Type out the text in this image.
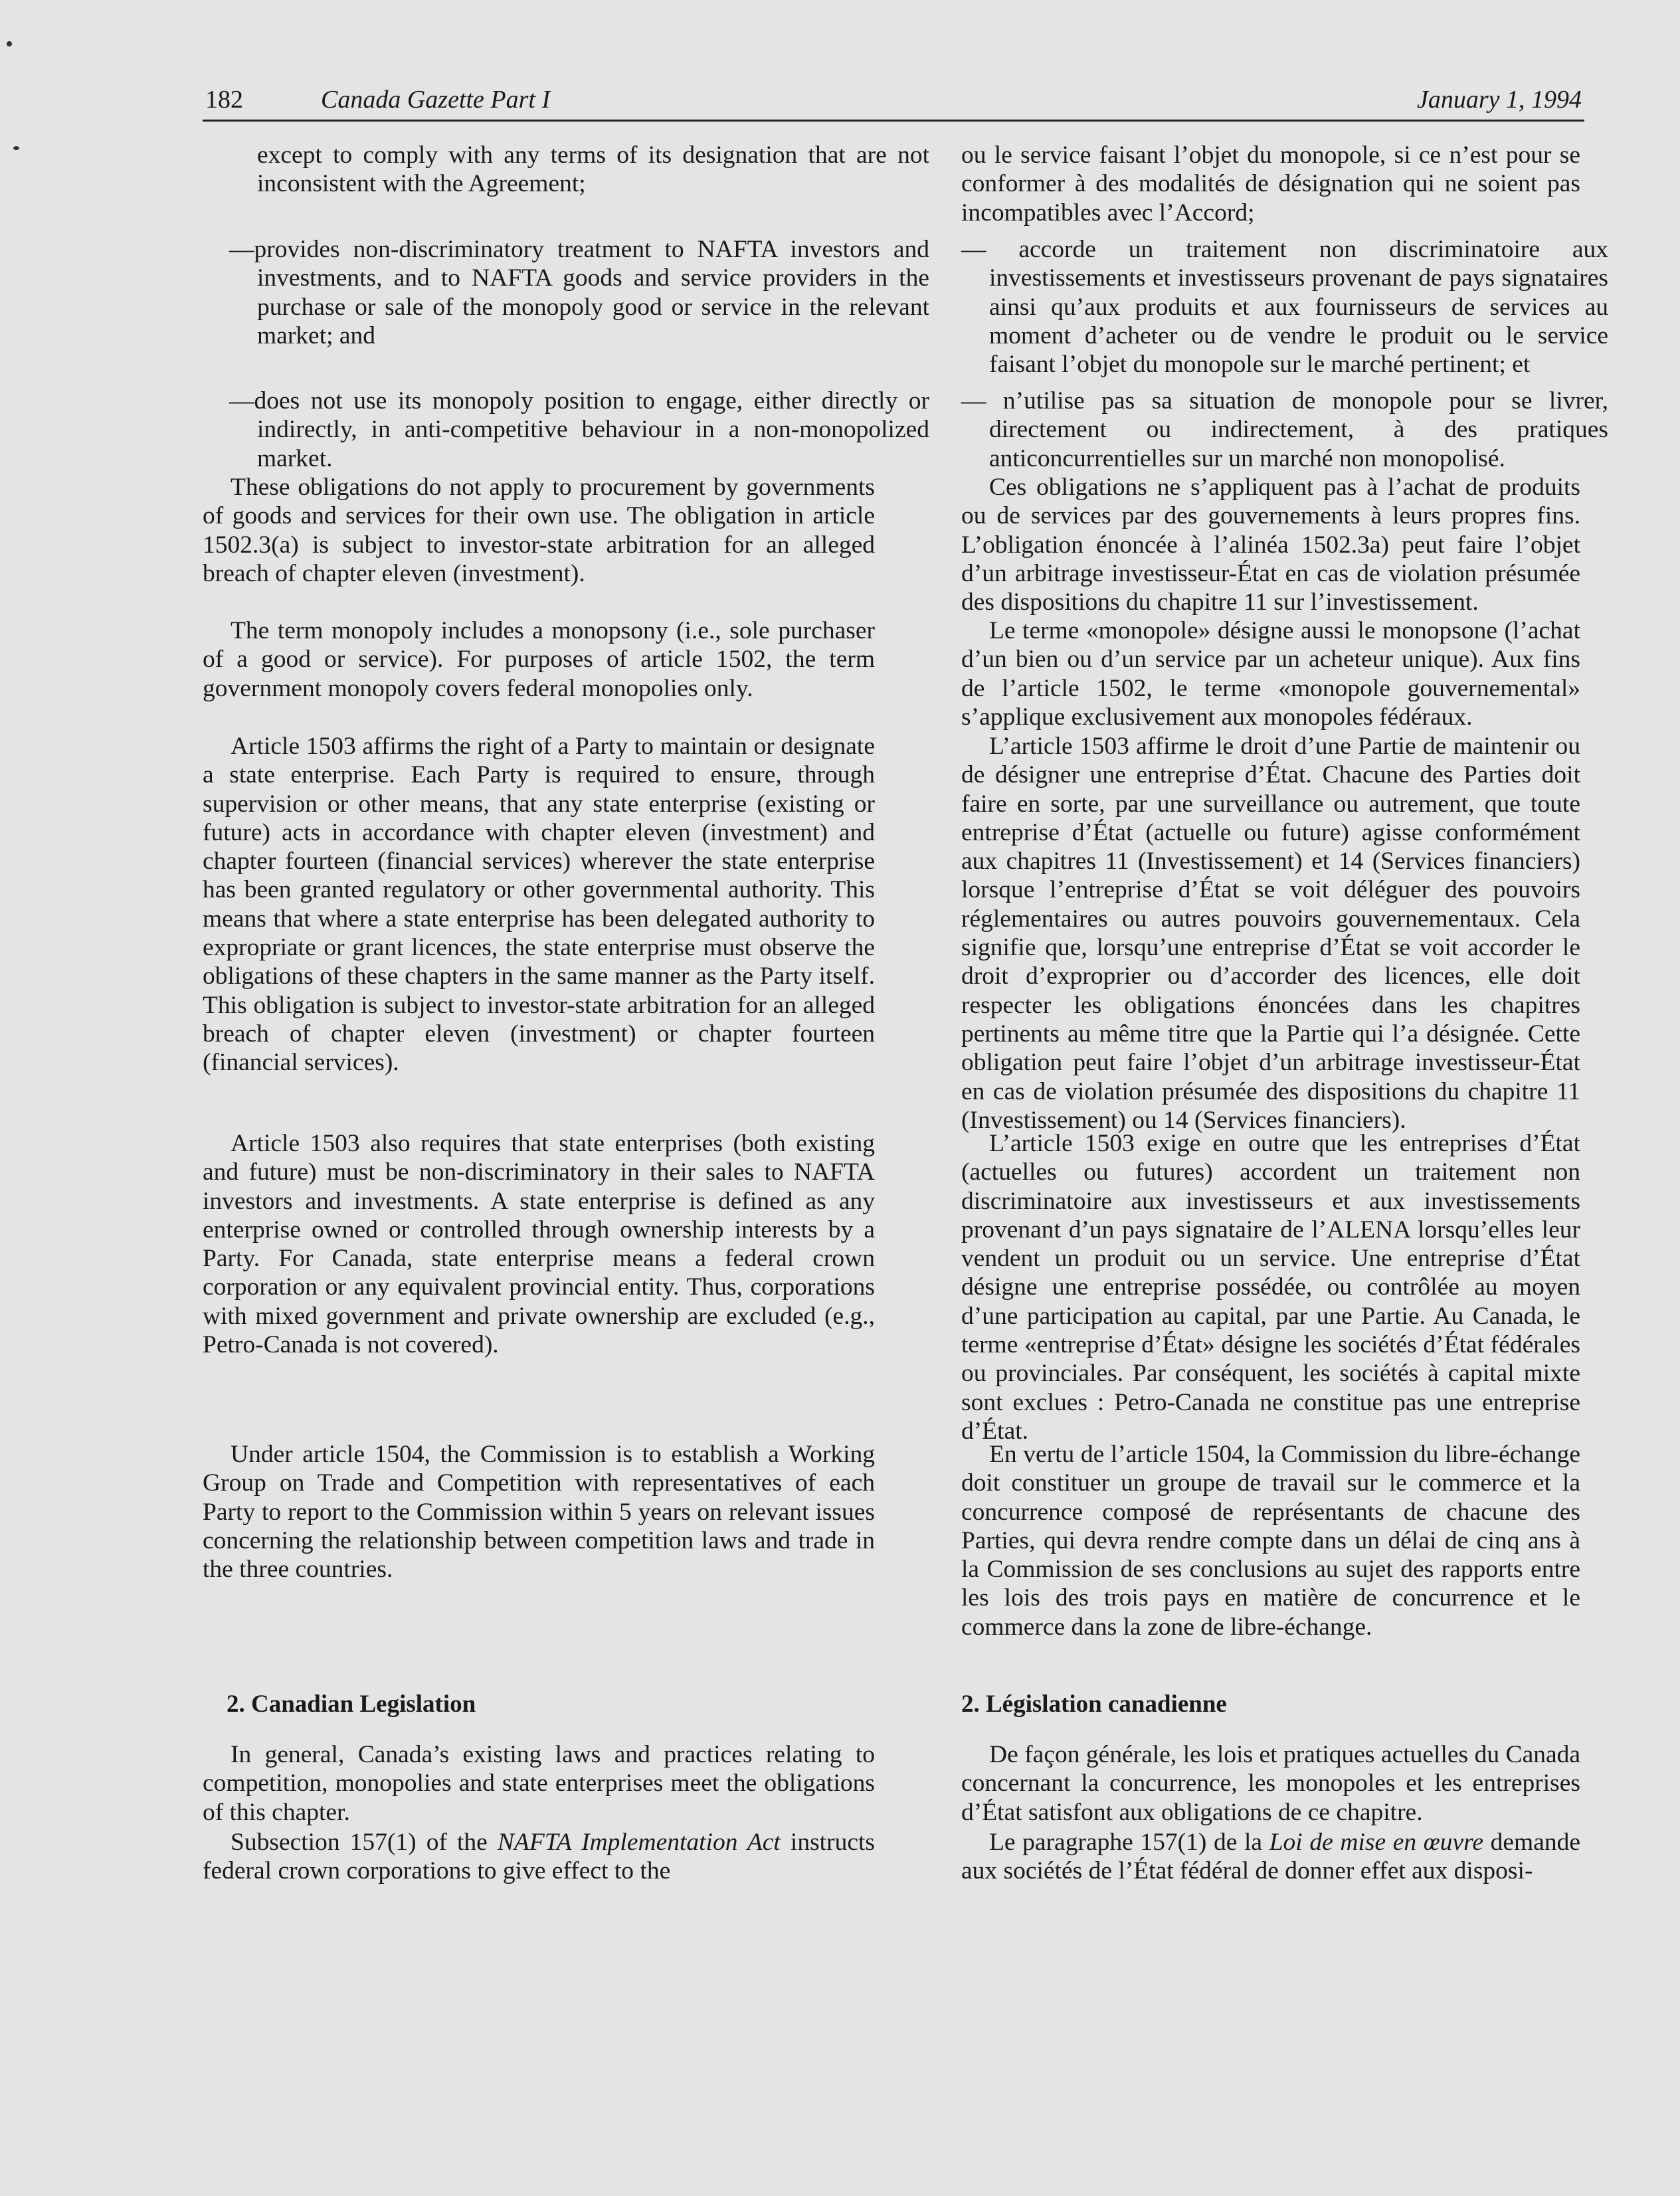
182	Canada Gazette Part I	January 1, 1994

except to comply with any terms of its designation that are not inconsistent with the Agreement;

—provides non-discriminatory treatment to NAFTA investors and investments, and to NAFTA goods and service providers in the purchase or sale of the monopoly good or service in the relevant market; and

—does not use its monopoly position to engage, either directly or indirectly, in anti-competitive behaviour in a non-monopolized market.

These obligations do not apply to procurement by governments of goods and services for their own use. The obligation in article 1502.3(a) is subject to investor-state arbitration for an alleged breach of chapter eleven (investment).

The term monopoly includes a monopsony (i.e., sole purchaser of a good or service). For purposes of article 1502, the term government monopoly covers federal monopolies only.

Article 1503 affirms the right of a Party to maintain or designate a state enterprise. Each Party is required to ensure, through supervision or other means, that any state enterprise (existing or future) acts in accordance with chapter eleven (investment) and chapter fourteen (financial services) wherever the state enterprise has been granted regulatory or other governmental authority. This means that where a state enterprise has been delegated authority to expropriate or grant licences, the state enterprise must observe the obligations of these chapters in the same manner as the Party itself. This obligation is subject to investor-state arbitration for an alleged breach of chapter eleven (investment) or chapter fourteen (financial services).

Article 1503 also requires that state enterprises (both existing and future) must be non-discriminatory in their sales to NAFTA investors and investments. A state enterprise is defined as any enterprise owned or controlled through ownership interests by a Party. For Canada, state enterprise means a federal crown corporation or any equivalent provincial entity. Thus, corporations with mixed government and private ownership are excluded (e.g., Petro-Canada is not covered).

Under article 1504, the Commission is to establish a Working Group on Trade and Competition with representatives of each Party to report to the Commission within 5 years on relevant issues concerning the relationship between competition laws and trade in the three countries.

2. Canadian Legislation

In general, Canada’s existing laws and practices relating to competition, monopolies and state enterprises meet the obligations of this chapter.

Subsection 157(1) of the NAFTA Implementation Act instructs federal crown corporations to give effect to the

ou le service faisant l’objet du monopole, si ce n’est pour se conformer à des modalités de désignation qui ne soient pas incompatibles avec l’Accord;

— accorde un traitement non discriminatoire aux investissements et investisseurs provenant de pays signataires ainsi qu’aux produits et aux fournisseurs de services au moment d’acheter ou de vendre le produit ou le service faisant l’objet du monopole sur le marché pertinent; et

— n’utilise pas sa situation de monopole pour se livrer, directement ou indirectement, à des pratiques anticoncurrentielles sur un marché non monopolisé.

Ces obligations ne s’appliquent pas à l’achat de produits ou de services par des gouvernements à leurs propres fins. L’obligation énoncée à l’alinéa 1502.3a) peut faire l’objet d’un arbitrage investisseur-État en cas de violation présumée des dispositions du chapitre 11 sur l’investissement.

Le terme «monopole» désigne aussi le monopsone (l’achat d’un bien ou d’un service par un acheteur unique). Aux fins de l’article 1502, le terme «monopole gouvernemental» s’applique exclusivement aux monopoles fédéraux.

L’article 1503 affirme le droit d’une Partie de maintenir ou de désigner une entreprise d’État. Chacune des Parties doit faire en sorte, par une surveillance ou autrement, que toute entreprise d’État (actuelle ou future) agisse conformément aux chapitres 11 (Investissement) et 14 (Services financiers) lorsque l’entreprise d’État se voit déléguer des pouvoirs réglementaires ou autres pouvoirs gouvernementaux. Cela signifie que, lorsqu’une entreprise d’État se voit accorder le droit d’exproprier ou d’accorder des licences, elle doit respecter les obligations énoncées dans les chapitres pertinents au même titre que la Partie qui l’a désignée. Cette obligation peut faire l’objet d’un arbitrage investisseur-État en cas de violation présumée des dispositions du chapitre 11 (Investissement) ou 14 (Services financiers).

L’article 1503 exige en outre que les entreprises d’État (actuelles ou futures) accordent un traitement non discriminatoire aux investisseurs et aux investissements provenant d’un pays signataire de l’ALENA lorsqu’elles leur vendent un produit ou un service. Une entreprise d’État désigne une entreprise possédée, ou contrôlée au moyen d’une participation au capital, par une Partie. Au Canada, le terme «entreprise d’État» désigne les sociétés d’État fédérales ou provinciales. Par conséquent, les sociétés à capital mixte sont exclues : Petro-Canada ne constitue pas une entreprise d’État.

En vertu de l’article 1504, la Commission du libre-échange doit constituer un groupe de travail sur le commerce et la concurrence composé de représentants de chacune des Parties, qui devra rendre compte dans un délai de cinq ans à la Commission de ses conclusions au sujet des rapports entre les lois des trois pays en matière de concurrence et le commerce dans la zone de libre-échange.

2. Législation canadienne

De façon générale, les lois et pratiques actuelles du Canada concernant la concurrence, les monopoles et les entreprises d’État satisfont aux obligations de ce chapitre.

Le paragraphe 157(1) de la Loi de mise en œuvre demande aux sociétés de l’État fédéral de donner effet aux disposi-
